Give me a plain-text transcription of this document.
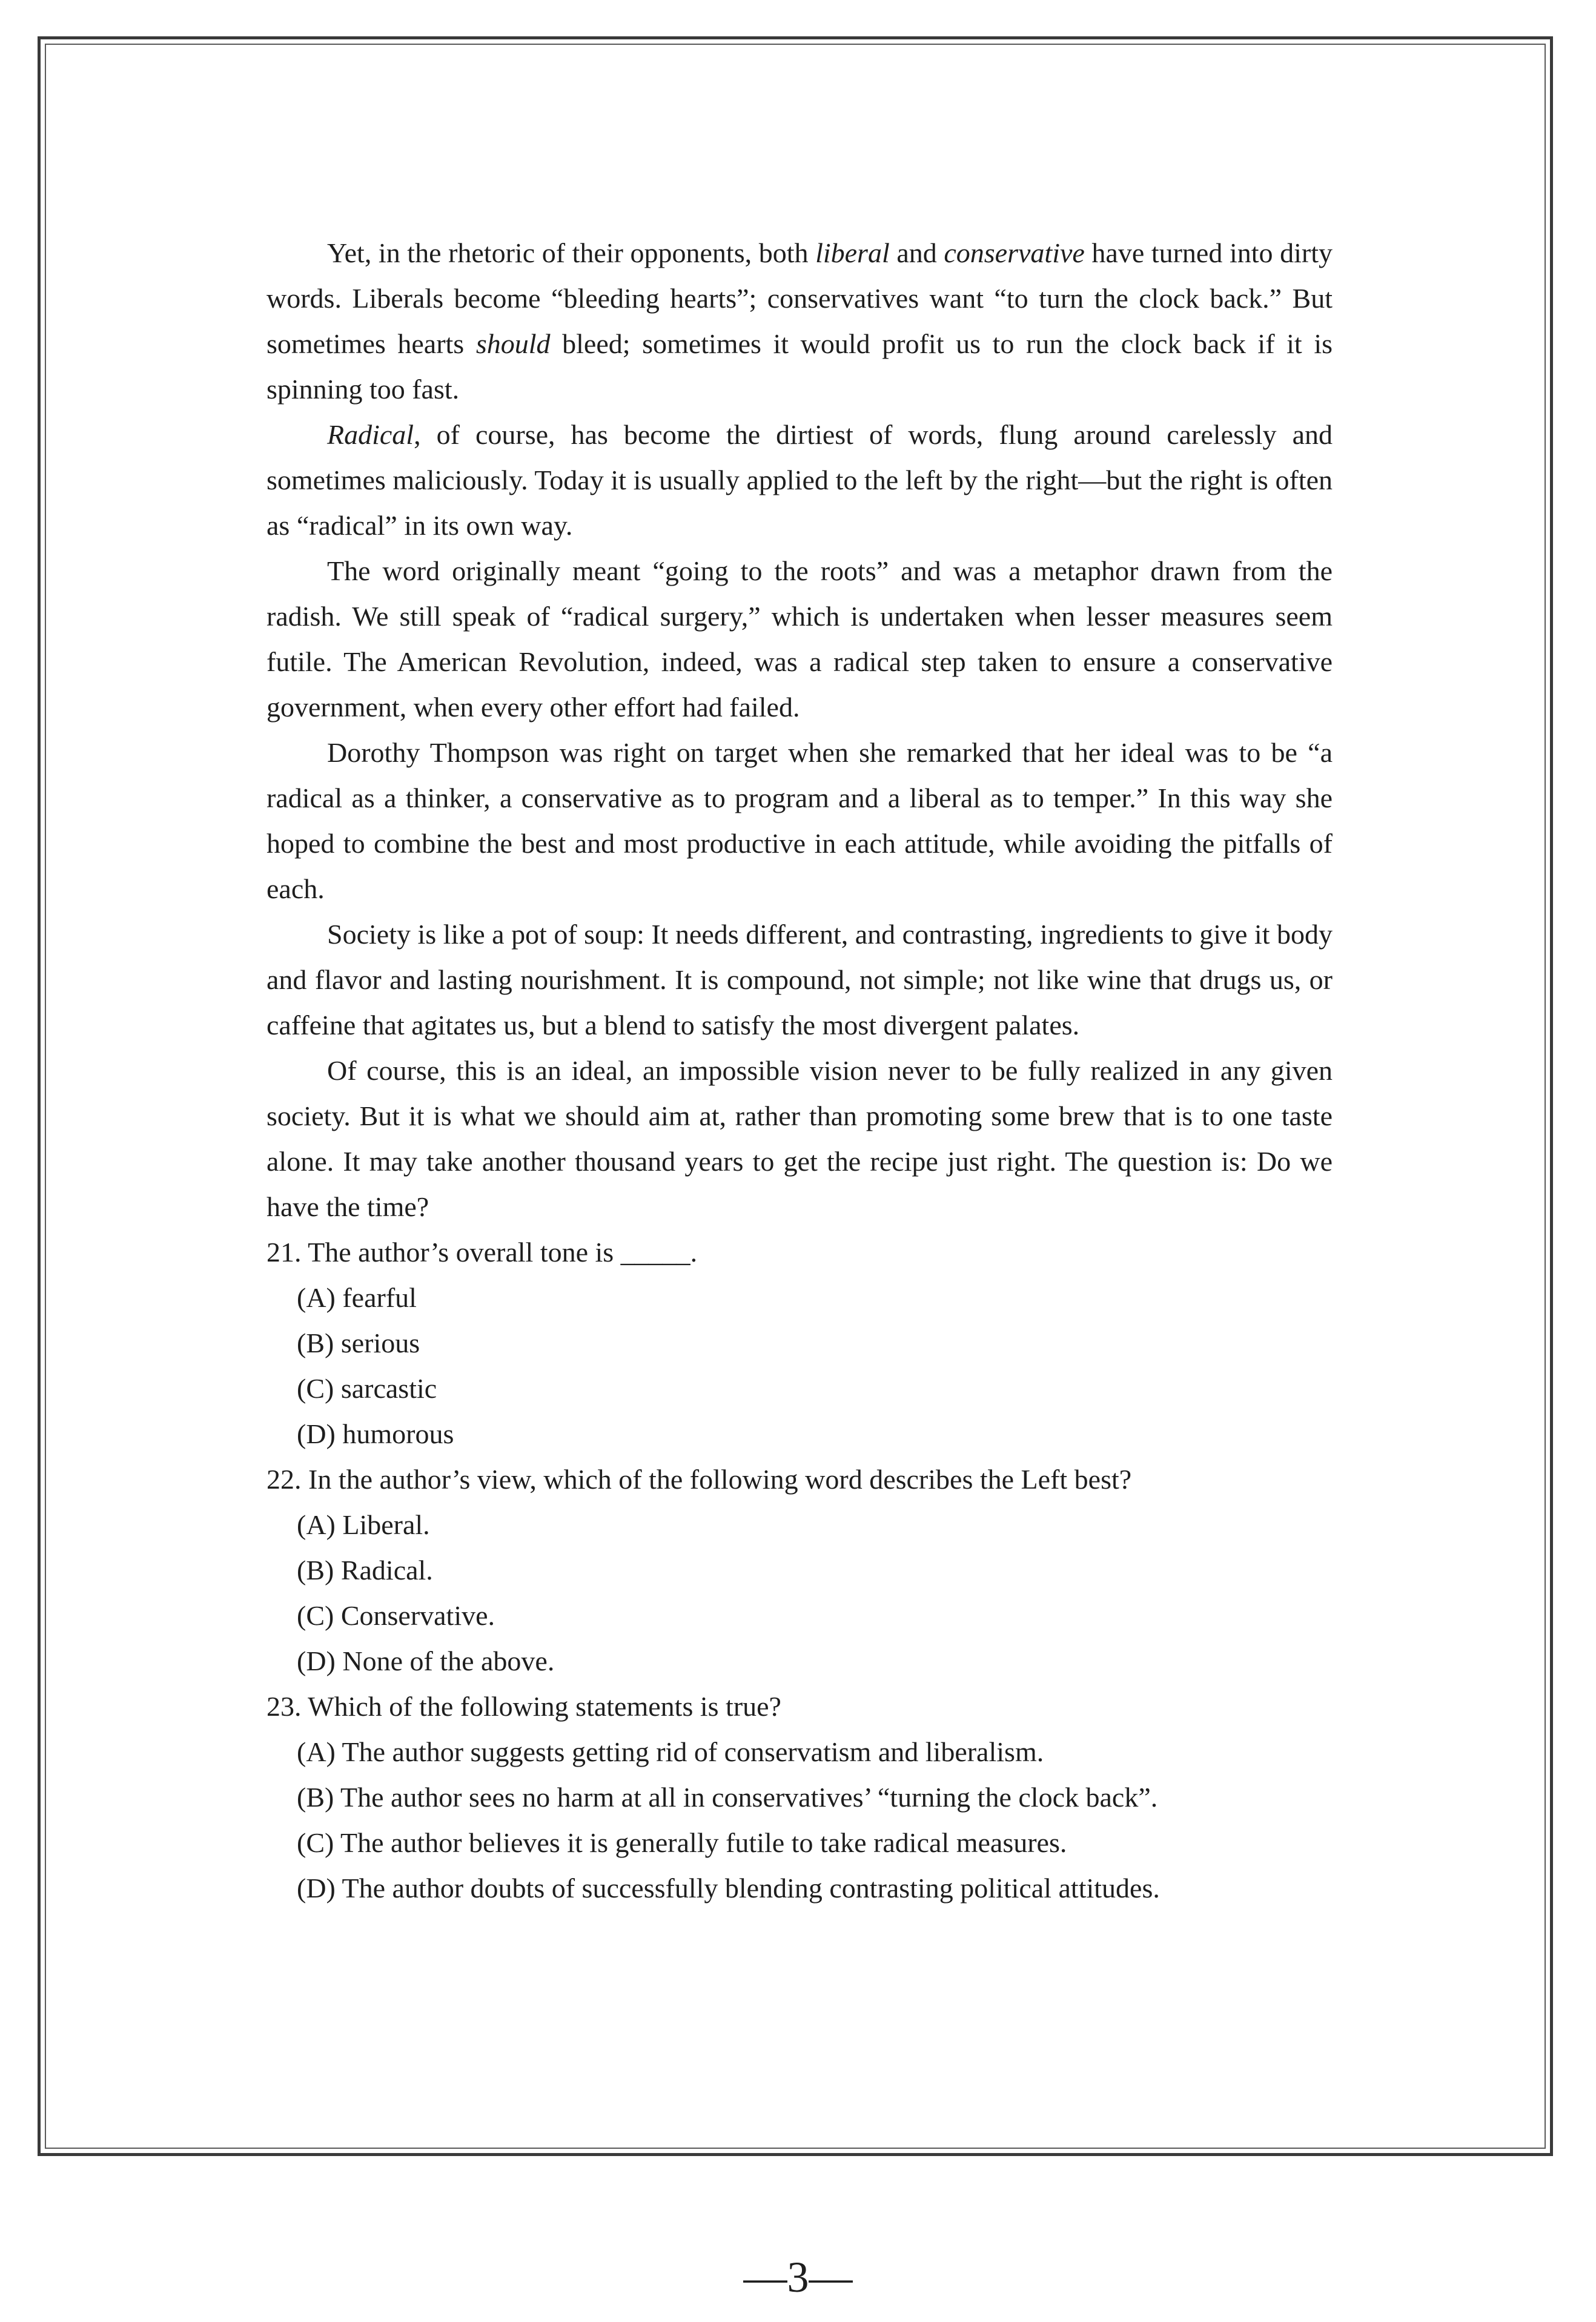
Yet, in the rhetoric of their opponents, both liberal and conservative have turned into dirty words. Liberals become “bleeding hearts”; conservatives want “to turn the clock back.” But sometimes hearts should bleed; sometimes it would profit us to run the clock back if it is spinning too fast.

Radical, of course, has become the dirtiest of words, flung around carelessly and sometimes maliciously. Today it is usually applied to the left by the right—but the right is often as “radical” in its own way.

The word originally meant “going to the roots” and was a metaphor drawn from the radish. We still speak of “radical surgery,” which is undertaken when lesser measures seem futile. The American Revolution, indeed, was a radical step taken to ensure a conservative government, when every other effort had failed.

Dorothy Thompson was right on target when she remarked that her ideal was to be “a radical as a thinker, a conservative as to program and a liberal as to temper.” In this way she hoped to combine the best and most productive in each attitude, while avoiding the pitfalls of each.

Society is like a pot of soup: It needs different, and contrasting, ingredients to give it body and flavor and lasting nourishment. It is compound, not simple; not like wine that drugs us, or caffeine that agitates us, but a blend to satisfy the most divergent palates.

Of course, this is an ideal, an impossible vision never to be fully realized in any given society. But it is what we should aim at, rather than promoting some brew that is to one taste alone. It may take another thousand years to get the recipe just right. The question is: Do we have the time?

21. The author’s overall tone is _____.
(A) fearful
(B) serious
(C) sarcastic
(D) humorous
22. In the author’s view, which of the following word describes the Left best?
(A) Liberal.
(B) Radical.
(C) Conservative.
(D) None of the above.
23. Which of the following statements is true?
(A) The author suggests getting rid of conservatism and liberalism.
(B) The author sees no harm at all in conservatives’ “turning the clock back”.
(C) The author believes it is generally futile to take radical measures.
(D) The author doubts of successfully blending contrasting political attitudes.
—3—
